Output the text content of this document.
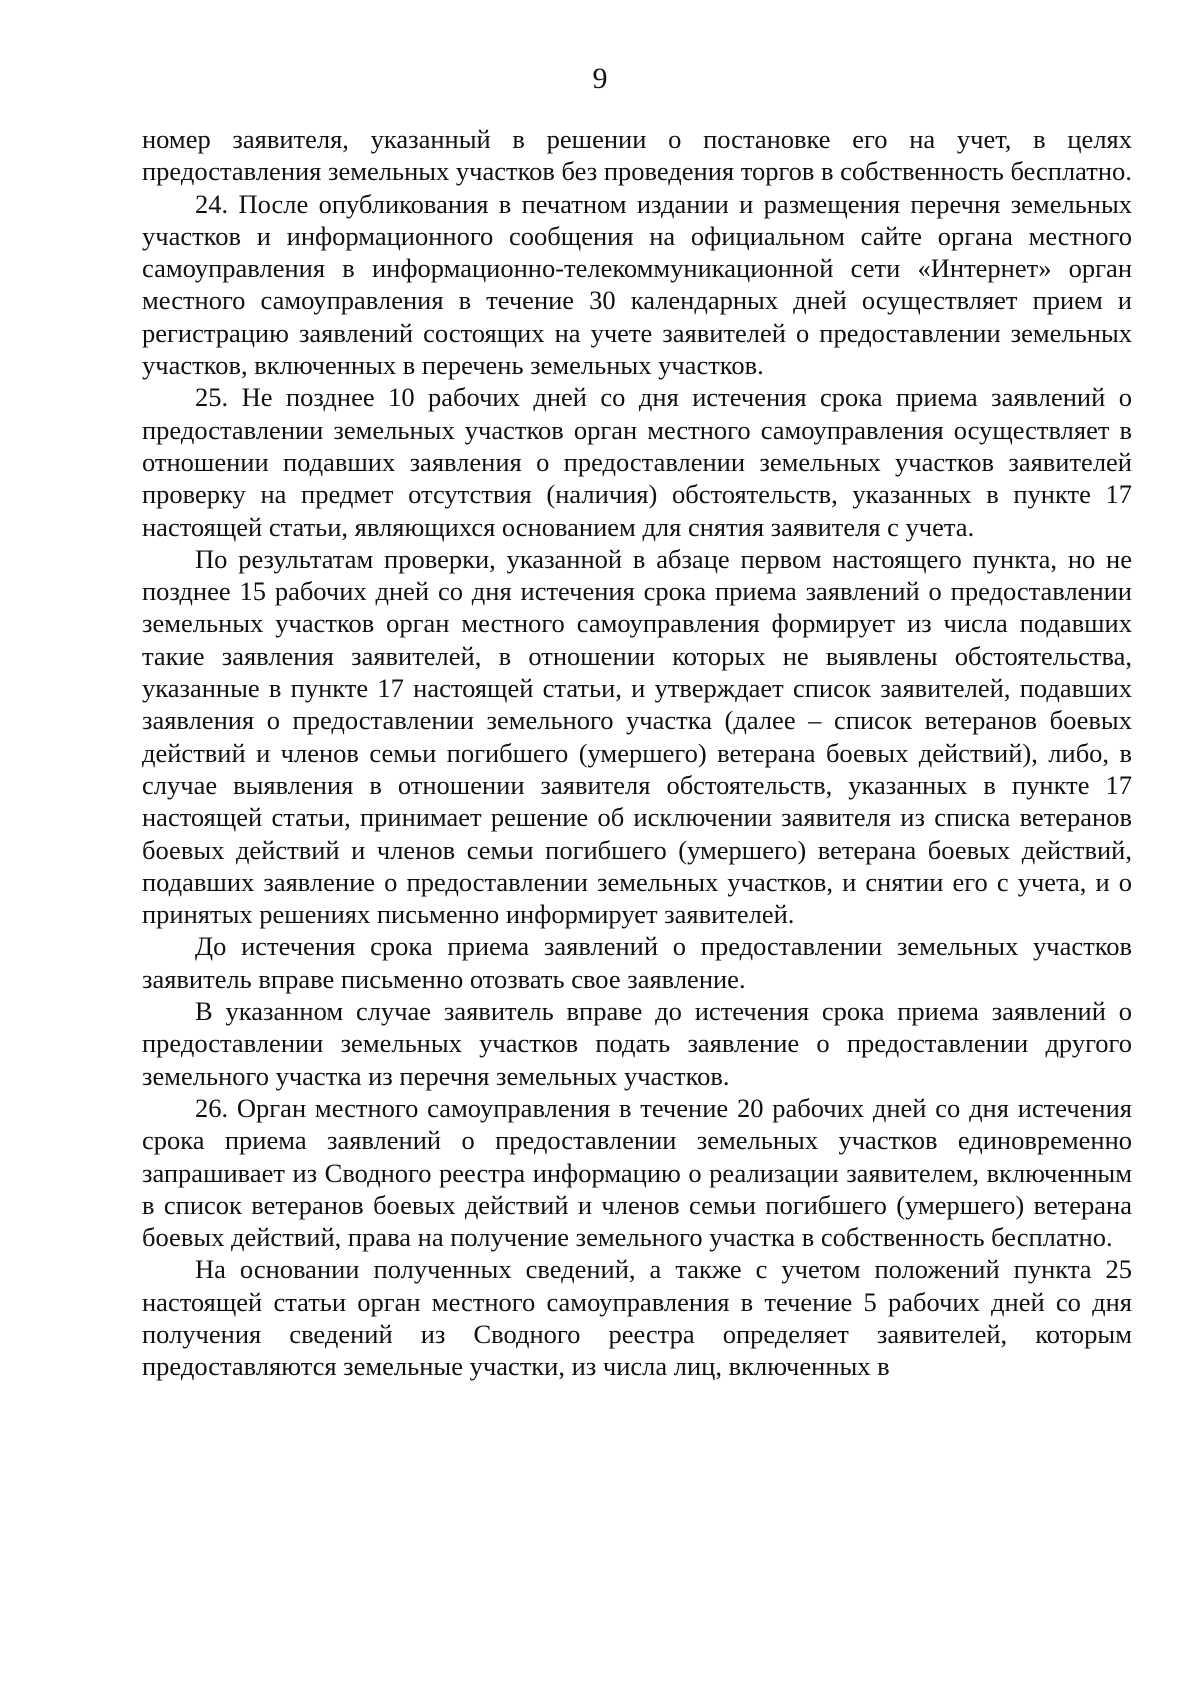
9

номер заявителя, указанный в решении о постановке его на учет, в целях предоставления земельных участков без проведения торгов в собственность бесплатно.

24. После опубликования в печатном издании и размещения перечня земельных участков и информационного сообщения на официальном сайте органа местного самоуправления в информационно-телекоммуникационной сети «Интернет» орган местного самоуправления в течение 30 календарных дней осуществляет прием и регистрацию заявлений состоящих на учете заявителей о предоставлении земельных участков, включенных в перечень земельных участков.

25. Не позднее 10 рабочих дней со дня истечения срока приема заявлений о предоставлении земельных участков орган местного самоуправления осуществляет в отношении подавших заявления о предоставлении земельных участков заявителей проверку на предмет отсутствия (наличия) обстоятельств, указанных в пункте 17 настоящей статьи, являющихся основанием для снятия заявителя с учета.

По результатам проверки, указанной в абзаце первом настоящего пункта, но не позднее 15 рабочих дней со дня истечения срока приема заявлений о предоставлении земельных участков орган местного самоуправления формирует из числа подавших такие заявления заявителей, в отношении которых не выявлены обстоятельства, указанные в пункте 17 настоящей статьи, и утверждает список заявителей, подавших заявления о предоставлении земельного участка (далее – список ветеранов боевых действий и членов семьи погибшего (умершего) ветерана боевых действий), либо, в случае выявления в отношении заявителя обстоятельств, указанных в пункте 17 настоящей статьи, принимает решение об исключении заявителя из списка ветеранов боевых действий и членов семьи погибшего (умершего) ветерана боевых действий, подавших заявление о предоставлении земельных участков, и снятии его с учета, и о принятых решениях письменно информирует заявителей.

До истечения срока приема заявлений о предоставлении земельных участков заявитель вправе письменно отозвать свое заявление.

В указанном случае заявитель вправе до истечения срока приема заявлений о предоставлении земельных участков подать заявление о предоставлении другого земельного участка из перечня земельных участков.

26. Орган местного самоуправления в течение 20 рабочих дней со дня истечения срока приема заявлений о предоставлении земельных участков единовременно запрашивает из Сводного реестра информацию о реализации заявителем, включенным в список ветеранов боевых действий и членов семьи погибшего (умершего) ветерана боевых действий, права на получение земельного участка в собственность бесплатно.

На основании полученных сведений, а также с учетом положений пункта 25 настоящей статьи орган местного самоуправления в течение 5 рабочих дней со дня получения сведений из Сводного реестра определяет заявителей, которым предоставляются земельные участки, из числа лиц, включенных в
